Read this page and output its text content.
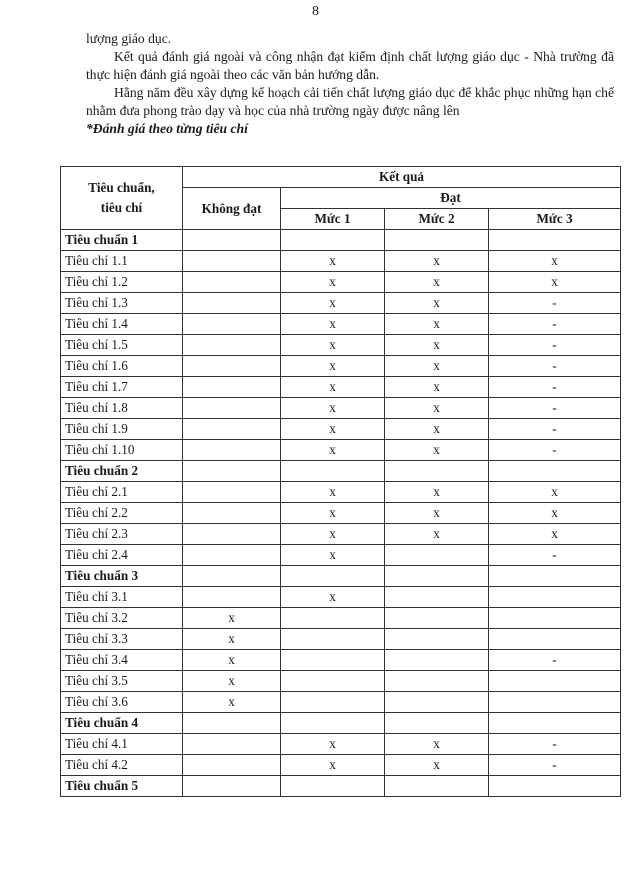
8

lượng giáo dục.

Kết quả đánh giá ngoài và công nhận đạt kiểm định chất lượng giáo dục - Nhà trường đã thực hiện đánh giá ngoài theo các văn bản hướng dẫn.

Hằng năm đều xây dựng kế hoạch cải tiến chất lượng giáo dục để khắc phục những hạn chế nhằm đưa phong trào dạy và học của nhà trường ngày được nâng lên

*Đánh giá theo từng tiêu chí

Tiêu chuẩn, tiêu chí	Kết quả			
	Không đạt	Đạt		
		Mức 1	Mức 2	Mức 3
Tiêu chuẩn 1				
Tiêu chí 1.1		x	x	x
Tiêu chí 1.2		x	x	x
Tiêu chí 1.3		x	x	-
Tiêu chí 1.4		x	x	-
Tiêu chí 1.5		x	x	-
Tiêu chí 1.6		x	x	-
Tiêu chí 1.7		x	x	-
Tiêu chí 1.8		x	x	-
Tiêu chí 1.9		x	x	-
Tiêu chí 1.10		x	x	-
Tiêu chuẩn 2				
Tiêu chí 2.1		x	x	x
Tiêu chí 2.2		x	x	x
Tiêu chí 2.3		x	x	x
Tiêu chí 2.4		x		-
Tiêu chuẩn 3				
Tiêu chí 3.1		x		
Tiêu chí 3.2	x			
Tiêu chí 3.3	x			
Tiêu chí 3.4	x			-
Tiêu chí 3.5	x			
Tiêu chí 3.6	x			
Tiêu chuẩn 4				
Tiêu chí 4.1		x	x	-
Tiêu chí 4.2		x	x	-
Tiêu chuẩn 5				
